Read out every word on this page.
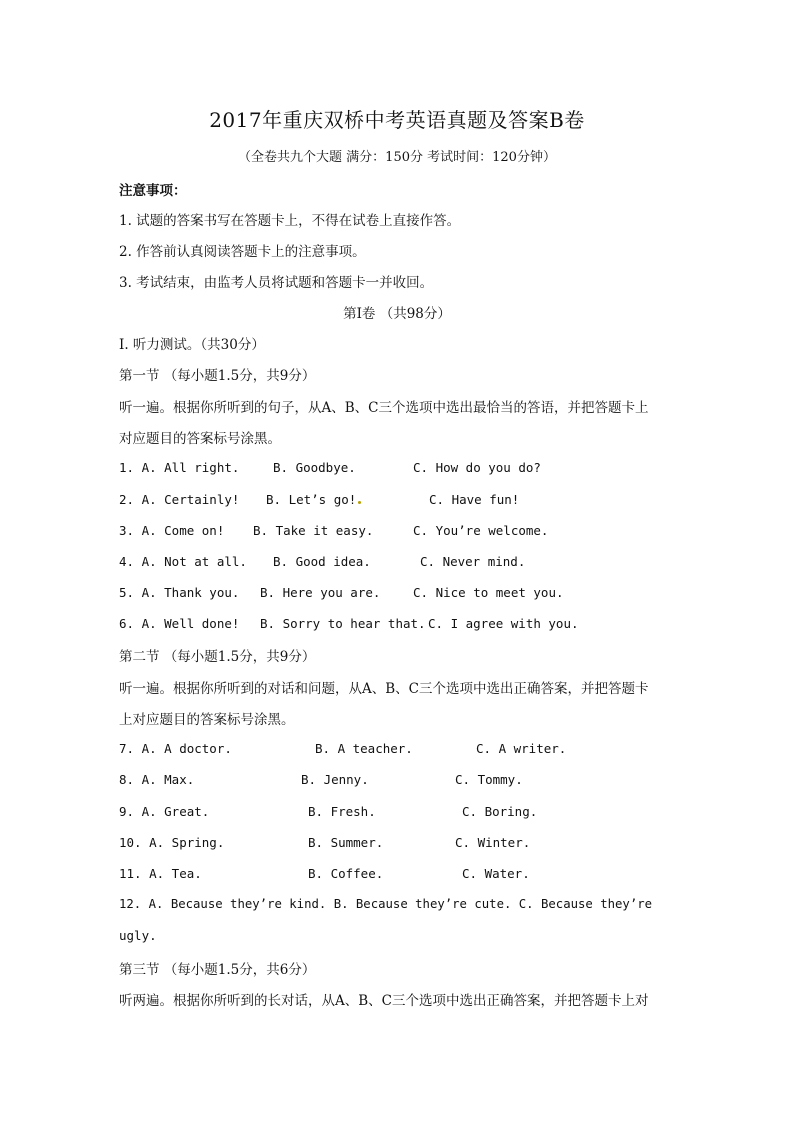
2017年重庆双桥中考英语真题及答案B卷
（全卷共九个大题 满分：150分 考试时间：120分钟）
注意事项：
1. 试题的答案书写在答题卡上，不得在试卷上直接作答。
2. 作答前认真阅读答题卡上的注意事项。
3. 考试结束，由监考人员将试题和答题卡一并收回。
第Ⅰ卷 （共98分）
I. 听力测试。（共30分）
第一节 （每小题1.5分，共9分）
听一遍。根据你所听到的句子，从A、B、C三个选项中选出最恰当的答语，并把答题卡上
对应题目的答案标号涂黑。
1. A. All right.	B. Goodbye.	C. How do you do?
2. A. Certainly! B. Let’s go!	C. Have fun!
3. A. Come on! B. Take it easy.	C. You’re welcome.
4. A. Not at all. B. Good idea.	C. Never mind.
5. A. Thank you. B. Here you are.	C. Nice to meet you.
6. A. Well done! B. Sorry to hear that. C. I agree with you.
第二节 （每小题1.5分，共9分）
听一遍。根据你所听到的对话和问题，从A、B、C三个选项中选出正确答案，并把答题卡
上对应题目的答案标号涂黑。
7. A. A doctor.	B. A teacher.	C. A writer.
8. A. Max.	B. Jenny.	C. Tommy.
9. A. Great.	B. Fresh.	C. Boring.
10. A. Spring.	B. Summer.	C. Winter.
11. A. Tea.	B. Coffee.	C. Water.
12. A. Because they’re kind. B. Because they’re cute. C. Because they’re
ugly.
第三节 （每小题1.5分，共6分）
听两遍。根据你所听到的长对话，从A、B、C三个选项中选出正确答案，并把答题卡上对
